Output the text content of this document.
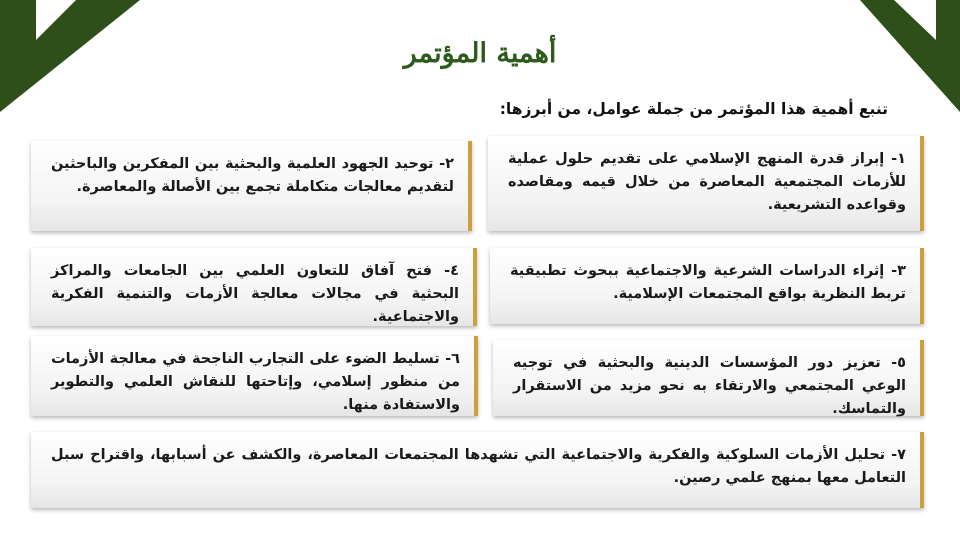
أهمية المؤتمر
تنبع أهمية هذا المؤتمر من جملة عوامل، من أبرزها:
١- إبراز قدرة المنهج الإسلامي على تقديم حلول عملية للأزمات المجتمعية المعاصرة من خلال قيمه ومقاصده وقواعده التشريعية.
٢- توحيد الجهود العلمية والبحثية بين المفكرين والباحثين لتقديم معالجات متكاملة تجمع بين الأصالة والمعاصرة.
٣- إثراء الدراسات الشرعية والاجتماعية ببحوث تطبيقية تربط النظرية بواقع المجتمعات الإسلامية.
٤- فتح آفاق للتعاون العلمي بين الجامعات والمراكز البحثية في مجالات معالجة الأزمات والتنمية الفكرية والاجتماعية.
٥- تعزيز دور المؤسسات الدينية والبحثية في توجيه الوعي المجتمعي والارتقاء به نحو مزيد من الاستقرار والتماسك.
٦- تسليط الضوء على التجارب الناجحة في معالجة الأزمات من منظور إسلامي، وإتاحتها للنقاش العلمي والتطوير والاستفادة منها.
٧- تحليل الأزمات السلوكية والفكرية والاجتماعية التي تشهدها المجتمعات المعاصرة، والكشف عن أسبابها، واقتراح سبل التعامل معها بمنهج علمي رصين.
